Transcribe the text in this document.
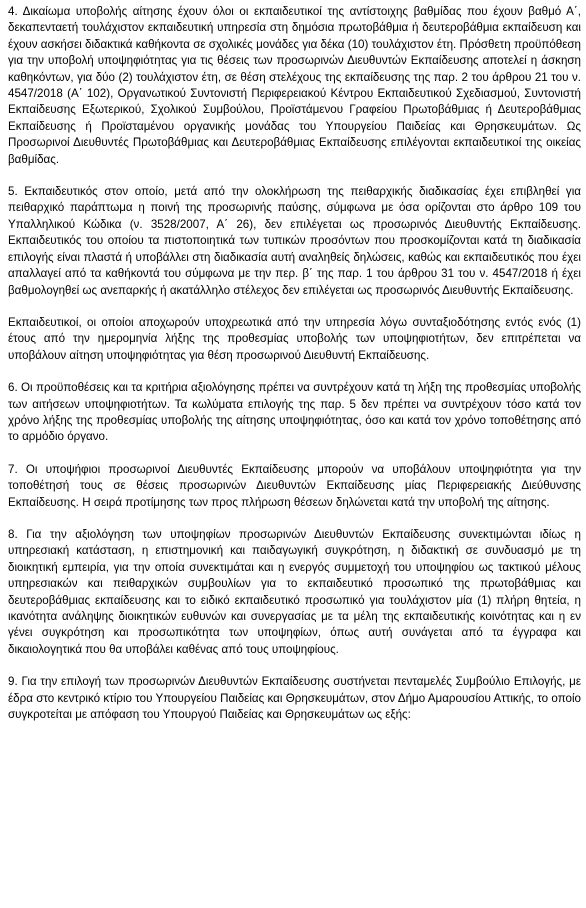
4. Δικαίωμα υποβολής αίτησης έχουν όλοι οι εκπαιδευτικοί της αντίστοιχης βαθμίδας που έχουν βαθμό Α΄, δεκαπενταετή τουλάχιστον εκπαιδευτική υπηρεσία στη δημόσια πρωτοβάθμια ή δευτεροβάθμια εκπαίδευση και έχουν ασκήσει διδακτικά καθήκοντα σε σχολικές μονάδες για δέκα (10) τουλάχιστον έτη. Πρόσθετη προϋπόθεση για την υποβολή υποψηφιότητας για τις θέσεις των προσωρινών Διευθυντών Εκπαίδευσης αποτελεί η άσκηση καθηκόντων, για δύο (2) τουλάχιστον έτη, σε θέση στελέχους της εκπαίδευσης της παρ. 2 του άρθρου 21 του ν. 4547/2018 (Α΄ 102), Οργανωτικού Συντονιστή Περιφερειακού Κέντρου Εκπαιδευτικού Σχεδιασμού, Συντονιστή Εκπαίδευσης Εξωτερικού, Σχολικού Συμβούλου, Προϊστάμενου Γραφείου Πρωτοβάθμιας ή Δευτεροβάθμιας Εκπαίδευσης ή Προϊσταμένου οργανικής μονάδας του Υπουργείου Παιδείας και Θρησκευμάτων. Ως Προσωρινοί Διευθυντές Πρωτοβάθμιας και Δευτεροβάθμιας Εκπαίδευσης επιλέγονται εκπαιδευτικοί της οικείας βαθμίδας.

5. Εκπαιδευτικός στον οποίο, μετά από την ολοκλήρωση της πειθαρχικής διαδικασίας έχει επιβληθεί για πειθαρχικό παράπτωμα η ποινή της προσωρινής παύσης, σύμφωνα με όσα ορίζονται στο άρθρο 109 του Υπαλληλικού Κώδικα (ν. 3528/2007, Α΄ 26), δεν επιλέγεται ως προσωρινός Διευθυντής Εκπαίδευσης. Εκπαιδευτικός του οποίου τα πιστοποιητικά των τυπικών προσόντων που προσκομίζονται κατά τη διαδικασία επιλογής είναι πλαστά ή υποβάλλει στη διαδικασία αυτή αναληθείς δηλώσεις, καθώς και εκπαιδευτικός που έχει απαλλαγεί από τα καθήκοντά του σύμφωνα με την περ. β΄ της παρ. 1 του άρθρου 31 του ν. 4547/2018 ή έχει βαθμολογηθεί ως ανεπαρκής ή ακατάλληλο στέλεχος δεν επιλέγεται ως προσωρινός Διευθυντής Εκπαίδευσης.

Εκπαιδευτικοί, οι οποίοι αποχωρούν υποχρεωτικά από την υπηρεσία λόγω συνταξιοδότησης εντός ενός (1) έτους από την ημερομηνία λήξης της προθεσμίας υποβολής των υποψηφιοτήτων, δεν επιτρέπεται να υποβάλουν αίτηση υποψηφιότητας για θέση προσωρινού Διευθυντή Εκπαίδευσης.

6. Οι προϋποθέσεις και τα κριτήρια αξιολόγησης πρέπει να συντρέχουν κατά τη λήξη της προθεσμίας υποβολής των αιτήσεων υποψηφιοτήτων. Τα κωλύματα επιλογής της παρ. 5 δεν πρέπει να συντρέχουν τόσο κατά τον χρόνο λήξης της προθεσμίας υποβολής της αίτησης υποψηφιότητας, όσο και κατά τον χρόνο τοποθέτησης από το αρμόδιο όργανο.

7. Οι υποψήφιοι προσωρινοί Διευθυντές Εκπαίδευσης μπορούν να υποβάλουν υποψηφιότητα για την τοποθέτησή τους σε θέσεις προσωρινών Διευθυντών Εκπαίδευσης μίας Περιφερειακής Διεύθυνσης Εκπαίδευσης. Η σειρά προτίμησης των προς πλήρωση θέσεων δηλώνεται κατά την υποβολή της αίτησης.

8. Για την αξιολόγηση των υποψηφίων προσωρινών Διευθυντών Εκπαίδευσης συνεκτιμώνται ιδίως η υπηρεσιακή κατάσταση, η επιστημονική και παιδαγωγική συγκρότηση, η διδακτική σε συνδυασμό με τη διοικητική εμπειρία, για την οποία συνεκτιμάται και η ενεργός συμμετοχή του υποψηφίου ως τακτικού μέλους υπηρεσιακών και πειθαρχικών συμβουλίων για το εκπαιδευτικό προσωπικό της πρωτοβάθμιας και δευτεροβάθμιας εκπαίδευσης και το ειδικό εκπαιδευτικό προσωπικό για τουλάχιστον μία (1) πλήρη θητεία, η ικανότητα ανάληψης διοικητικών ευθυνών και συνεργασίας με τα μέλη της εκπαιδευτικής κοινότητας και η εν γένει συγκρότηση και προσωπικότητα των υποψηφίων, όπως αυτή συνάγεται από τα έγγραφα και δικαιολογητικά που θα υποβάλει καθένας από τους υποψηφίους.

9. Για την επιλογή των προσωρινών Διευθυντών Εκπαίδευσης συστήνεται πενταμελές Συμβούλιο Επιλογής, με έδρα στο κεντρικό κτίριο του Υπουργείου Παιδείας και Θρησκευμάτων, στον Δήμο Αμαρουσίου Αττικής, το οποίο συγκροτείται με απόφαση του Υπουργού Παιδείας και Θρησκευμάτων ως εξής:
